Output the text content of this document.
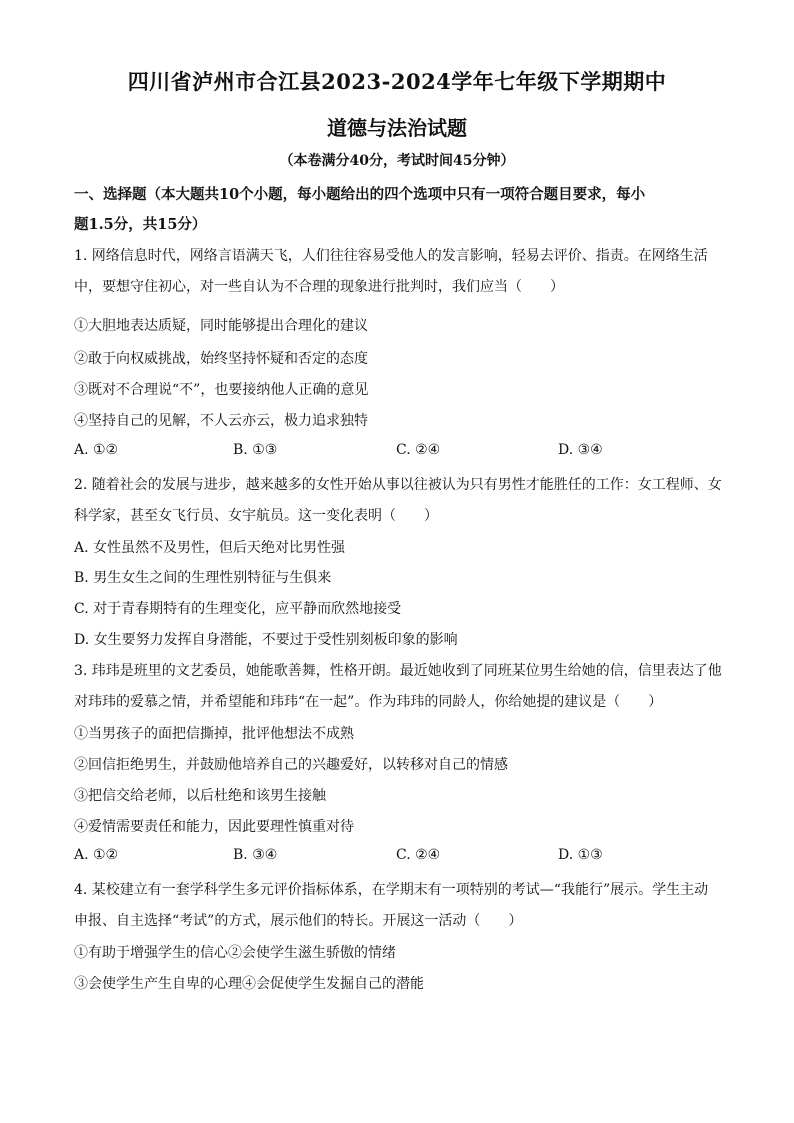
四川省泸州市合江县2023-2024学年七年级下学期期中
道德与法治试题
（本卷满分40分，考试时间45分钟）
一、选择题（本大题共10个小题，每小题给出的四个选项中只有一项符合题目要求，每小
题1.5分，共15分）
1. 网络信息时代，网络言语满天飞，人们往往容易受他人的发言影响，轻易去评价、指责。在网络生活
中，要想守住初心，对一些自认为不合理的现象进行批判时，我们应当（　　）
①大胆地表达质疑，同时能够提出合理化的建议
②敢于向权威挑战，始终坚持怀疑和否定的态度
③既对不合理说“不”，也要接纳他人正确的意见
④坚持自己的见解，不人云亦云，极力追求独特
A. ①②	B. ①③	C. ②④	D. ③④
2. 随着社会的发展与进步，越来越多的女性开始从事以往被认为只有男性才能胜任的工作：女工程师、女
科学家，甚至女飞行员、女宇航员。这一变化表明（　　）
A. 女性虽然不及男性，但后天绝对比男性强
B. 男生女生之间的生理性别特征与生俱来
C. 对于青春期特有的生理变化，应平静而欣然地接受
D. 女生要努力发挥自身潜能，不要过于受性别刻板印象的影响
3. 玮玮是班里的文艺委员，她能歌善舞，性格开朗。最近她收到了同班某位男生给她的信，信里表达了他
对玮玮的爱慕之情，并希望能和玮玮“在一起”。作为玮玮的同龄人，你给她提的建议是（　　）
①当男孩子的面把信撕掉，批评他想法不成熟
②回信拒绝男生，并鼓励他培养自己的兴趣爱好，以转移对自己的情感
③把信交给老师，以后杜绝和该男生接触
④爱情需要责任和能力，因此要理性慎重对待
A. ①②	B. ③④	C. ②④	D. ①③
4. 某校建立有一套学科学生多元评价指标体系，在学期末有一项特别的考试—“我能行”展示。学生主动
申报、自主选择“考试”的方式，展示他们的特长。开展这一活动（　　）
①有助于增强学生的信心②会使学生滋生骄傲的情绪
③会使学生产生自卑的心理④会促使学生发掘自己的潜能
